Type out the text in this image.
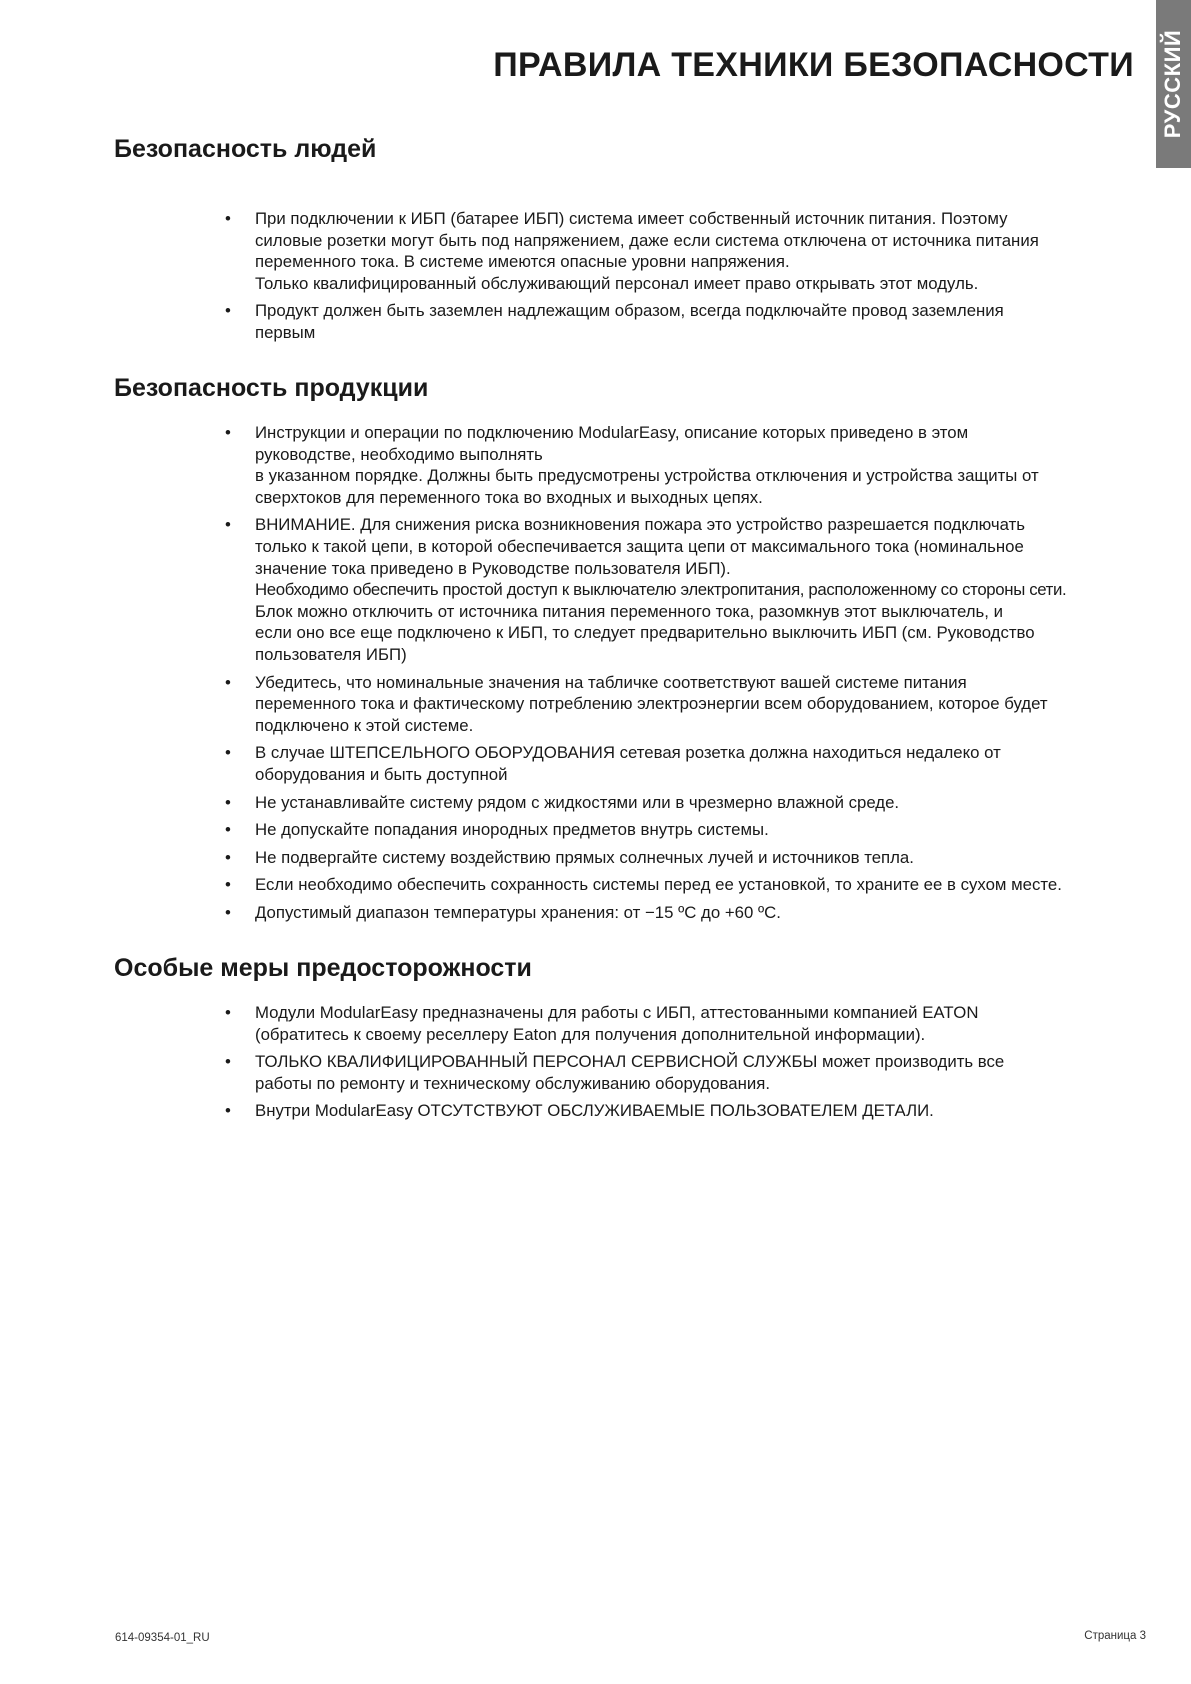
РУССКИЙ
ПРАВИЛА ТЕХНИКИ БЕЗОПАСНОСТИ
Безопасность людей
• При подключении к ИБП (батарее ИБП) система имеет собственный источник питания. Поэтому
силовые розетки могут быть под напряжением, даже если система отключена от источника питания
переменного тока. В системе имеются опасные уровни напряжения.
Только квалифицированный обслуживающий персонал имеет право открывать этот модуль.
• Продукт должен быть заземлен надлежащим образом, всегда подключайте провод заземления
первым
Безопасность продукции
• Инструкции и операции по подключению ModularEasy, описание которых приведено в этом
руководстве, необходимо выполнять
в указанном порядке. Должны быть предусмотрены устройства отключения и устройства защиты от
сверхтоков для переменного тока во входных и выходных цепях.
• ВНИМАНИЕ. Для снижения риска возникновения пожара это устройство разрешается подключать
только к такой цепи, в которой обеспечивается защита цепи от максимального тока (номинальное
значение тока приведено в Руководстве пользователя ИБП).
Необходимо обеспечить простой доступ к выключателю электропитания, расположенному со стороны сети.
Блок можно отключить от источника питания переменного тока, разомкнув этот выключатель, и
если оно все еще подключено к ИБП, то следует предварительно выключить ИБП (см. Руководство
пользователя ИБП)
• Убедитесь, что номинальные значения на табличке соответствуют вашей системе питания
переменного тока и фактическому потреблению электроэнергии всем оборудованием, которое будет
подключено к этой системе.
• В случае ШТЕПСЕЛЬНОГО ОБОРУДОВАНИЯ сетевая розетка должна находиться недалеко от
оборудования и быть доступной
• Не устанавливайте систему рядом с жидкостями или в чрезмерно влажной среде.
• Не допускайте попадания инородных предметов внутрь системы.
• Не подвергайте систему воздействию прямых солнечных лучей и источников тепла.
• Если необходимо обеспечить сохранность системы перед ее установкой, то храните ее в сухом месте.
• Допустимый диапазон температуры хранения: от −15 ºC до +60 ºC.
Особые меры предосторожности
• Модули ModularEasy предназначены для работы с ИБП, аттестованными компанией EATON
(обратитесь к своему реселлеру Eaton для получения дополнительной информации).
• ТОЛЬКО КВАЛИФИЦИРОВАННЫЙ ПЕРСОНАЛ СЕРВИСНОЙ СЛУЖБЫ может производить все
работы по ремонту и техническому обслуживанию оборудования.
• Внутри ModularEasy ОТСУТСТВУЮТ ОБСЛУЖИВАЕМЫЕ ПОЛЬЗОВАТЕЛЕМ ДЕТАЛИ.
614-09354-01_RU	Страница 3
